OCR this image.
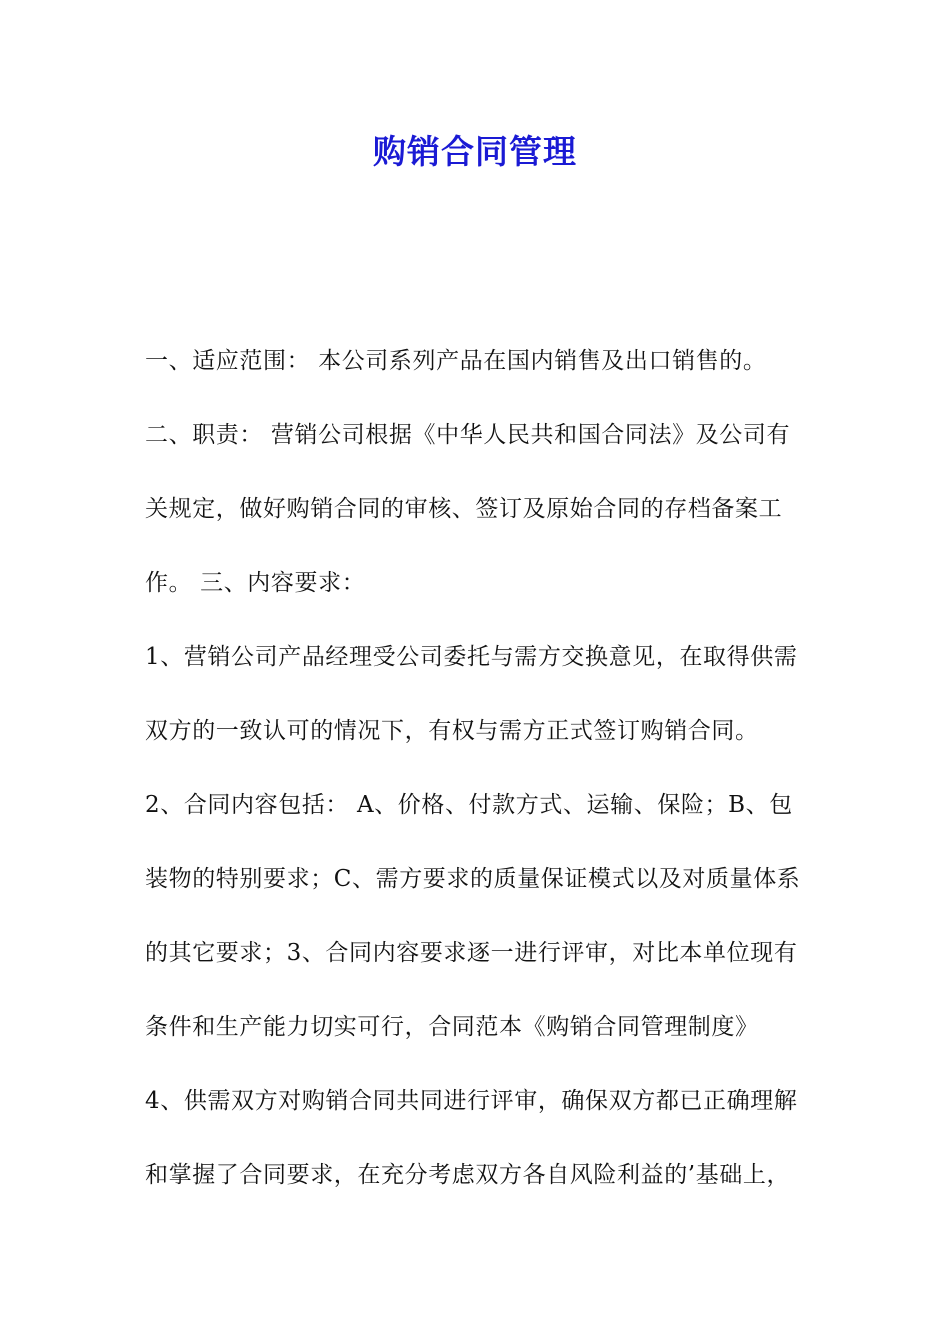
购销合同管理
一、适应范围： 本公司系列产品在国内销售及出口销售的。
二、职责： 营销公司根据《中华人民共和国合同法》及公司有
关规定，做好购销合同的审核、签订及原始合同的存档备案工
作。 三、内容要求：
1、营销公司产品经理受公司委托与需方交换意见，在取得供需
双方的一致认可的情况下，有权与需方正式签订购销合同。
2、合同内容包括： A、价格、付款方式、运输、保险；B、包
装物的特别要求；C、需方要求的质量保证模式以及对质量体系
的其它要求；3、合同内容要求逐一进行评审，对比本单位现有
条件和生产能力切实可行，合同范本《购销合同管理制度》
4、供需双方对购销合同共同进行评审，确保双方都已正确理解
和掌握了合同要求，在充分考虑双方各自风险利益的’基础上，
